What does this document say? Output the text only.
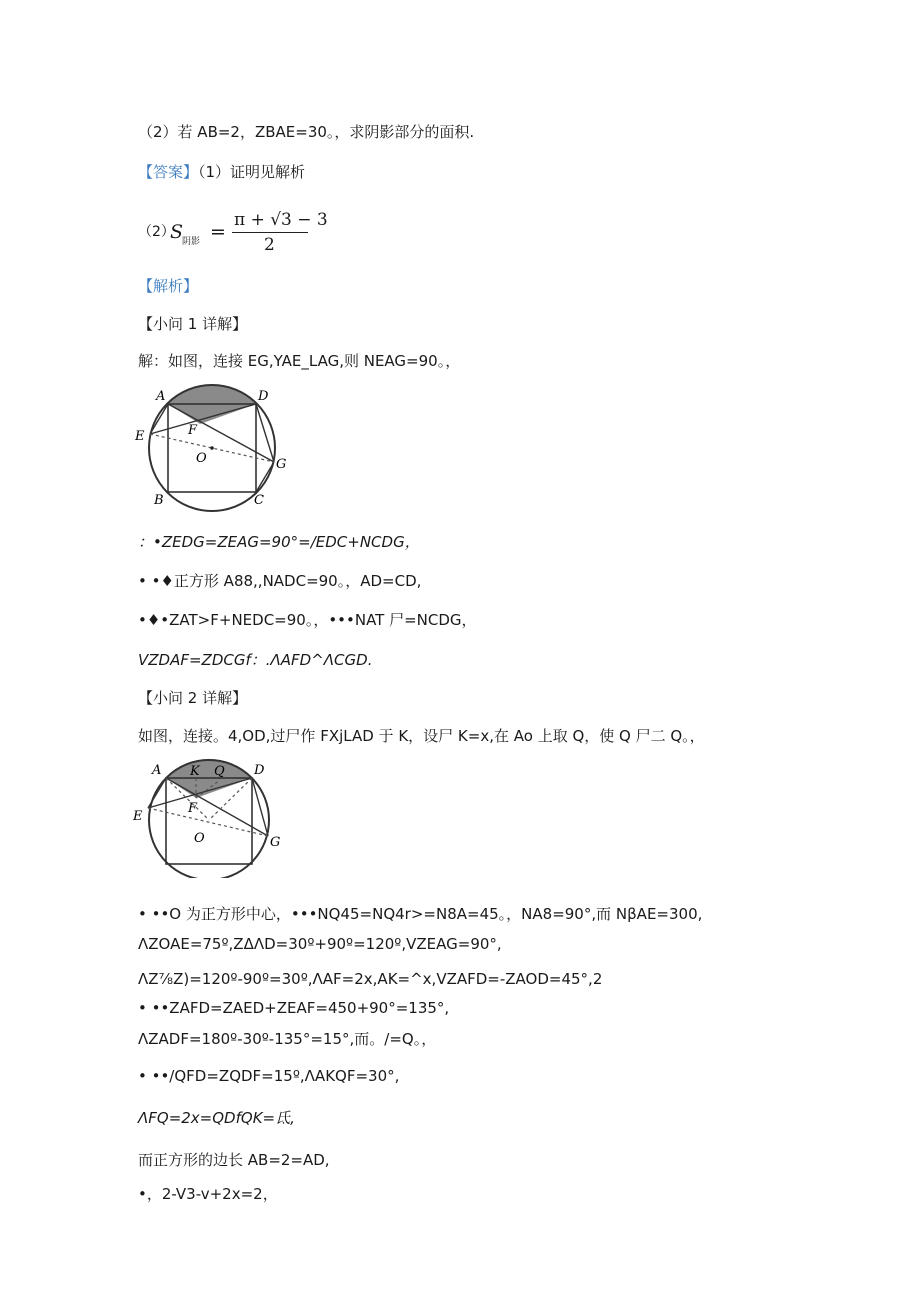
（2）若 AB=2，ZBAE=30。，求阴影部分的面积.
【答案】（1）证明见解析
（2）
S
阴影 =
π + √3 − 3
2
【解析】
【小问 1 详解】
解：如图，连接 EG,YAE_LAG,则 NEAG=90。，
A	D
E	F
O	G
B	C
：•ZEDG=ZEAG=90°=/EDC+NCDG，
• •♦正方形 A88,,NADC=90。，AD=CD,
•♦•ZAT>F+NEDC=90。，•••NAT 尸=NCDG，
VZDAF=ZDCGf：.ΛAFD^ΛCGD.
【小问 2 详解】
如图，连接。4,OD,过尸作 FXjLAD 于 K，设尸 K=x,在 Ao 上取 Q，使 Q 尸二 Q。，
A K Q D
E
F
O	G
• ••O 为正方形中心，•••NQ45=NQ4r>=N8A=45。，NA8=90°,而 NβAE=300,
ΛZOAE=75º,ZΔΛD=30º+90º=120º,VZEAG=90°,
ΛZ⅞Z)=120º-90º=30º,ΛAF=2x,AK=^x,VZAFD=-ZAOD=45°,2
• ••ZAFD=ZAED+ZEAF=450+90°=135°,
ΛZADF=180º-30º-135°=15°,而。/=Q。，
• ••/QFD=ZQDF=15º,ΛAKQF=30°,
ΛFQ=2x=QDfQK=氐,
而正方形的边长 AB=2=AD,
•，2-V3-v+2x=2，
